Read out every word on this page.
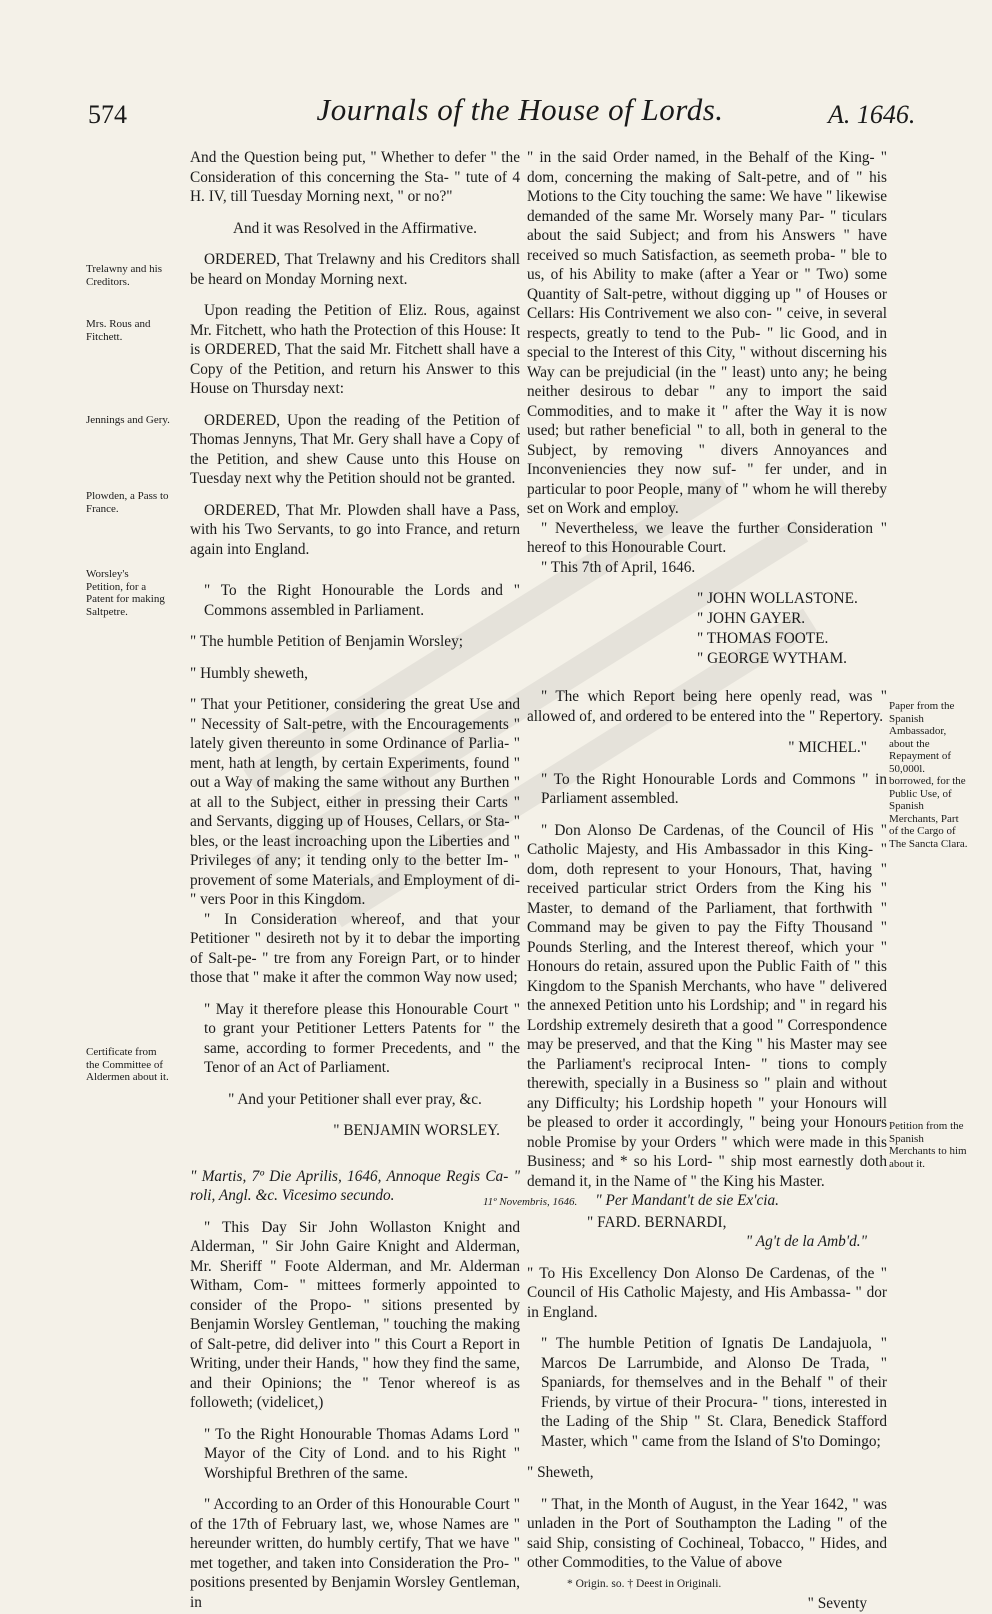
574	Journals of the House of Lords.	A. 1646.
Trelawny and his Creditors.
Mrs. Rous and Fitchett.
Jennings and Gery.
Plowden, a Pass to France.
Worsley's Petition, for a Patent for making Saltpetre.
Certificate from the Committee of Aldermen about it.
Paper from the Spanish Ambassador, about the Repayment of 50,000l. borrowed, for the Public Use, of Spanish Merchants, Part of the Cargo of The Sancta Clara.
Petition from the Spanish Merchants to him about it.

And the Question being put, " Whether to defer " the Consideration of this concerning the Sta- " tute of 4 H. IV, till Tuesday Morning next, " or no?"

And it was Resolved in the Affirmative.

ORDERED, That Trelawny and his Creditors shall be heard on Monday Morning next.

Upon reading the Petition of Eliz. Rous, against Mr. Fitchett, who hath the Protection of this House: It is ORDERED, That the said Mr. Fitchett shall have a Copy of the Petition, and return his Answer to this House on Thursday next:

ORDERED, Upon the reading of the Petition of Thomas Jennyns, That Mr. Gery shall have a Copy of the Petition, and shew Cause unto this House on Tuesday next why the Petition should not be granted.

ORDERED, That Mr. Plowden shall have a Pass, with his Two Servants, to go into France, and return again into England.

" To the Right Honourable the Lords and " Commons assembled in Parliament.

" The humble Petition of Benjamin Worsley;

" Humbly sheweth,

" That your Petitioner, considering the great Use and " Necessity of Salt-petre, with the Encouragements " lately given thereunto in some Ordinance of Parlia- " ment, hath at length, by certain Experiments, found " out a Way of making the same without any Burthen " at all to the Subject, either in pressing their Carts " and Servants, digging up of Houses, Cellars, or Sta- " bles, or the least incroaching upon the Liberties and " Privileges of any; it tending only to the better Im- " provement of some Materials, and Employment of di- " vers Poor in this Kingdom.

" In Consideration whereof, and that your Petitioner " desireth not by it to debar the importing of Salt-pe- " tre from any Foreign Part, or to hinder those that " make it after the common Way now used;

" May it therefore please this Honourable Court " to grant your Petitioner Letters Patents for " the same, according to former Precedents, and " the Tenor of an Act of Parliament.

" And your Petitioner shall ever pray, &c.

" BENJAMIN WORSLEY.

" Martis, 7º Die Aprilis, 1646, Annoque Regis Ca- " roli, Angl. &c. Vicesimo secundo.

" This Day Sir John Wollaston Knight and Alderman, " Sir John Gaire Knight and Alderman, Mr. Sheriff " Foote Alderman, and Mr. Alderman Witham, Com- " mittees formerly appointed to consider of the Propo- " sitions presented by Benjamin Worsley Gentleman, " touching the making of Salt-petre, did deliver into " this Court a Report in Writing, under their Hands, " how they find the same, and their Opinions; the " Tenor whereof is as followeth; (videlicet,)

" To the Right Honourable Thomas Adams Lord " Mayor of the City of Lond. and to his Right " Worshipful Brethren of the same.

" According to an Order of this Honourable Court " of the 17th of February last, we, whose Names are " hereunder written, do humbly certify, That we have " met together, and taken into Consideration the Pro- " positions presented by Benjamin Worsley Gentleman, in

" in the said Order named, in the Behalf of the King- " dom, concerning the making of Salt-petre, and of " his Motions to the City touching the same: We have " likewise demanded of the same Mr. Worsely many Par- " ticulars about the said Subject; and from his Answers " have received so much Satisfaction, as seemeth proba- " ble to us, of his Ability to make (after a Year or " Two) some Quantity of Salt-petre, without digging up " of Houses or Cellars: His Contrivement we also con- " ceive, in several respects, greatly to tend to the Pub- " lic Good, and in special to the Interest of this City, " without discerning his Way can be prejudicial (in the " least) unto any; he being neither desirous to debar " any to import the said Commodities, and to make it " after the Way it is now used; but rather beneficial " to all, both in general to the Subject, by removing " divers Annoyances and Inconveniencies they now suf- " fer under, and in particular to poor People, many of " whom he will thereby set on Work and employ.

" Nevertheless, we leave the further Consideration " hereof to this Honourable Court.

" This 7th of April, 1646.

" JOHN WOLLASTONE.
" JOHN GAYER.
" THOMAS FOOTE.
" GEORGE WYTHAM.

" The which Report being here openly read, was " allowed of, and ordered to be entered into the " Repertory.

" MICHEL."

" To the Right Honourable Lords and Commons " in Parliament assembled.

" Don Alonso De Cardenas, of the Council of His " Catholic Majesty, and His Ambassador in this King- " dom, doth represent to your Honours, That, having " received particular strict Orders from the King his " Master, to demand of the Parliament, that forthwith " Command may be given to pay the Fifty Thousand " Pounds Sterling, and the Interest thereof, which your " Honours do retain, assured upon the Public Faith of " this Kingdom to the Spanish Merchants, who have " delivered the annexed Petition unto his Lordship; and " in regard his Lordship extremely desireth that a good " Correspondence may be preserved, and that the King " his Master may see the Parliament's reciprocal Inten- " tions to comply therewith, specially in a Business so " plain and without any Difficulty; his Lordship hopeth " your Honours will be pleased to order it accordingly, " being your Honours noble Promise by your Orders " which were made in this Business; and * so his Lord- " ship most earnestly doth demand it, in the Name of " the King his Master.

11º Novembris, 1646. " Per Mandant't de sie Ex'cia.

" FARD. BERNARDI,

" Ag't de la Amb'd."

" To His Excellency Don Alonso De Cardenas, of the " Council of His Catholic Majesty, and His Ambassa- " dor in England.

" The humble Petition of Ignatis De Landajuola, " Marcos De Larrumbide, and Alonso De Trada, " Spaniards, for themselves and in the Behalf " of their Friends, by virtue of their Procura- " tions, interested in the Lading of the Ship " St. Clara, Benedick Stafford Master, which " came from the Island of S'to Domingo;

" Sheweth,

" That, in the Month of August, in the Year 1642, " was unladen in the Port of Southampton the Lading " of the said Ship, consisting of Cochineal, Tobacco, " Hides, and other Commodities, to the Value of above

* Origin. so. † Deest in Originali.

" Seventy
